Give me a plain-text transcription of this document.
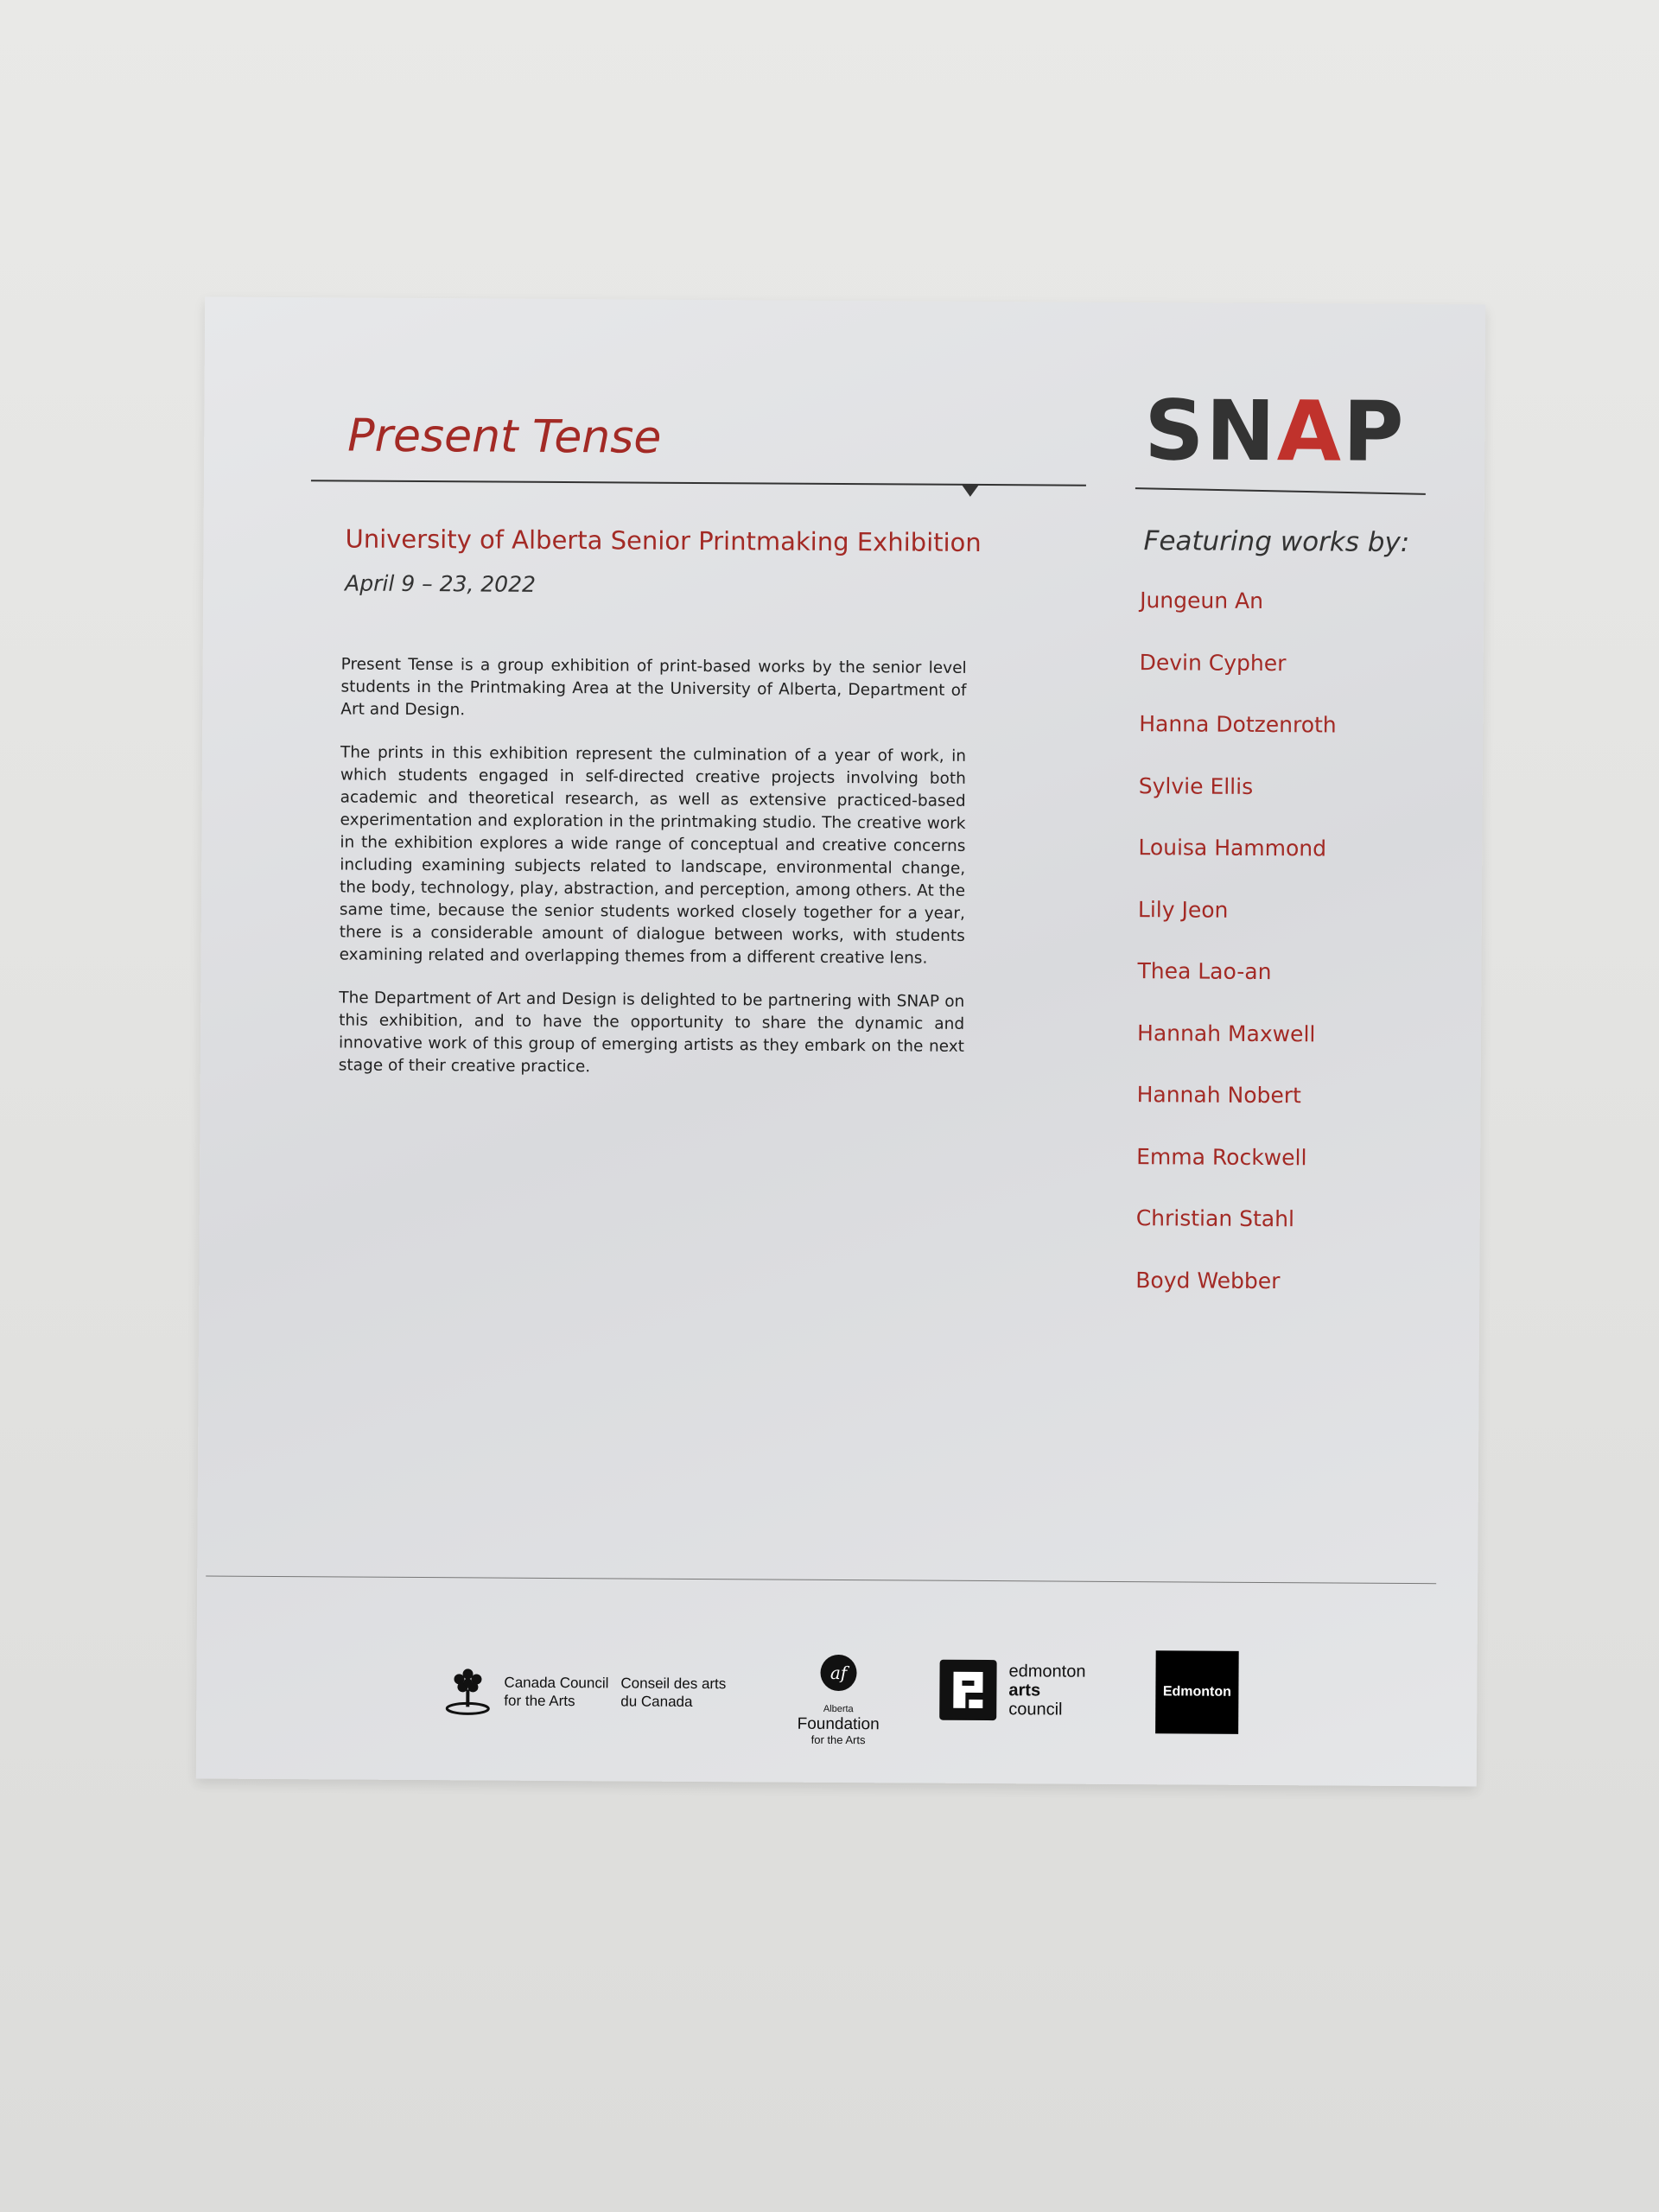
Present Tense
University of Alberta Senior Printmaking Exhibition
April 9 – 23, 2022

Present Tense is a group exhibition of print-based works by the senior level students in the Printmaking Area at the University of Alberta, Department of Art and Design.

The prints in this exhibition represent the culmination of a year of work, in which students engaged in self-directed creative projects involving both academic and theoretical research, as well as extensive practiced-based experimentation and exploration in the printmaking studio. The creative work in the exhibition explores a wide range of conceptual and creative concerns including examining subjects related to landscape, environmental change, the body, technology, play, abstraction, and perception, among others. At the same time, because the senior students worked closely together for a year, there is a considerable amount of dialogue between works, with students examining related and overlapping themes from a different creative lens.

The Department of Art and Design is delighted to be partnering with SNAP on this exhibition, and to have the opportunity to share the dynamic and innovative work of this group of emerging artists as they embark on the next stage of their creative practice.

SNAP
Featuring works by:
Jungeun An
Devin Cypher
Hanna Dotzenroth
Sylvie Ellis
Louisa Hammond
Lily Jeon
Thea Lao-an
Hannah Maxwell
Hannah Nobert
Emma Rockwell
Christian Stahl
Boyd Webber
Canada Council
for the Arts
Conseil des arts
du Canada
af
Alberta
Foundation
for the Arts
edmonton
arts
council
Edmonton
